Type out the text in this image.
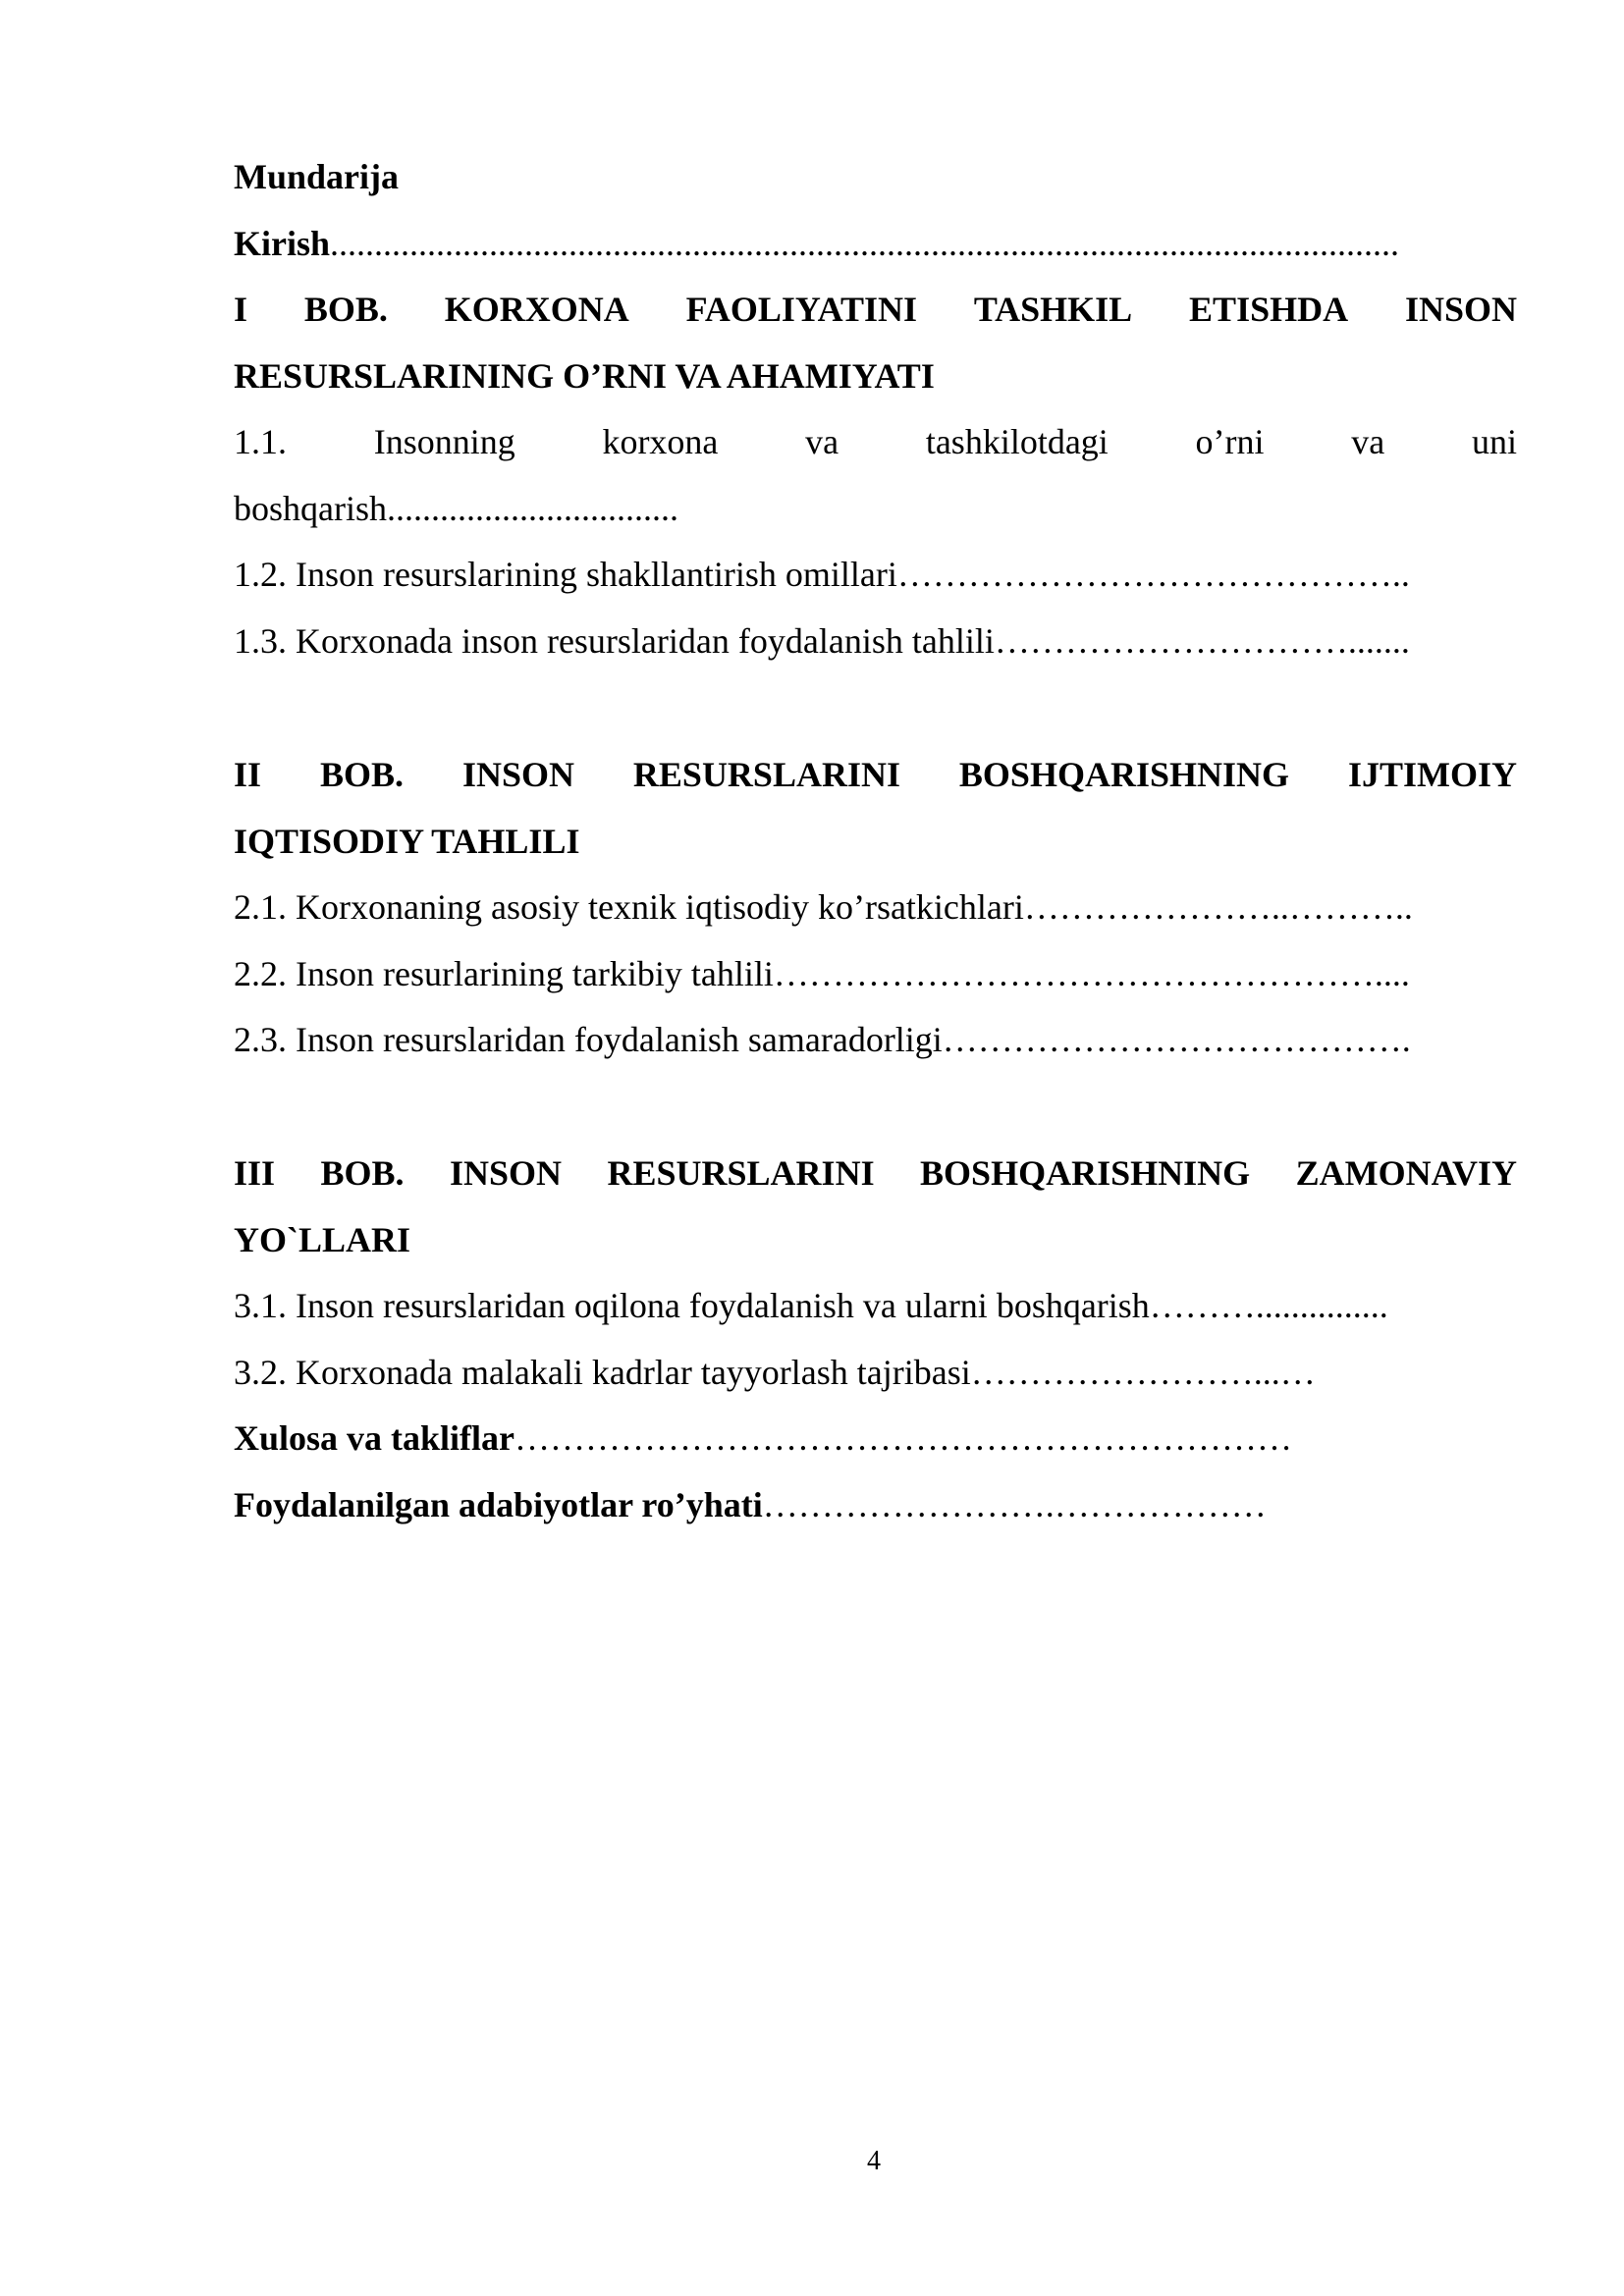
Mundarija
Kirish.........................................................................................................................
I BOB. KORXONA FAOLIYATINI TASHKIL ETISHDA INSON
RESURSLARINING O’RNI VA AHAMIYATI
1.1. Insonning korxona va tashkilotdagi o’rni va uni
boshqarish.................................
1.2. Inson resurslarining shakllantirish omillari……………………………………..
1.3. Korxonada inson resurslaridan foydalanish tahlili………………………….......
II BOB. INSON RESURSLARINI BOSHQARISHNING IJTIMOIY
IQTISODIY TAHLILI
2.1. Korxonaning asosiy texnik iqtisodiy ko’rsatkichlari…………………..………..
2.2. Inson resurlarining tarkibiy tahlili……………………………………………....
2.3. Inson resurslaridan foydalanish samaradorligi………………………………….
III BOB. INSON RESURSLARINI BOSHQARISHNING ZAMONAVIY
YO`LLARI
3.1. Inson resurslaridan oqilona foydalanish va ularni boshqarish………...............
3.2. Korxonada malakali kadrlar tayyorlash tajribasi……………………...…
Xulosa va takliflar…………………………………………………………
Foydalanilgan adabiyotlar ro’yhati…………………….………………
4
